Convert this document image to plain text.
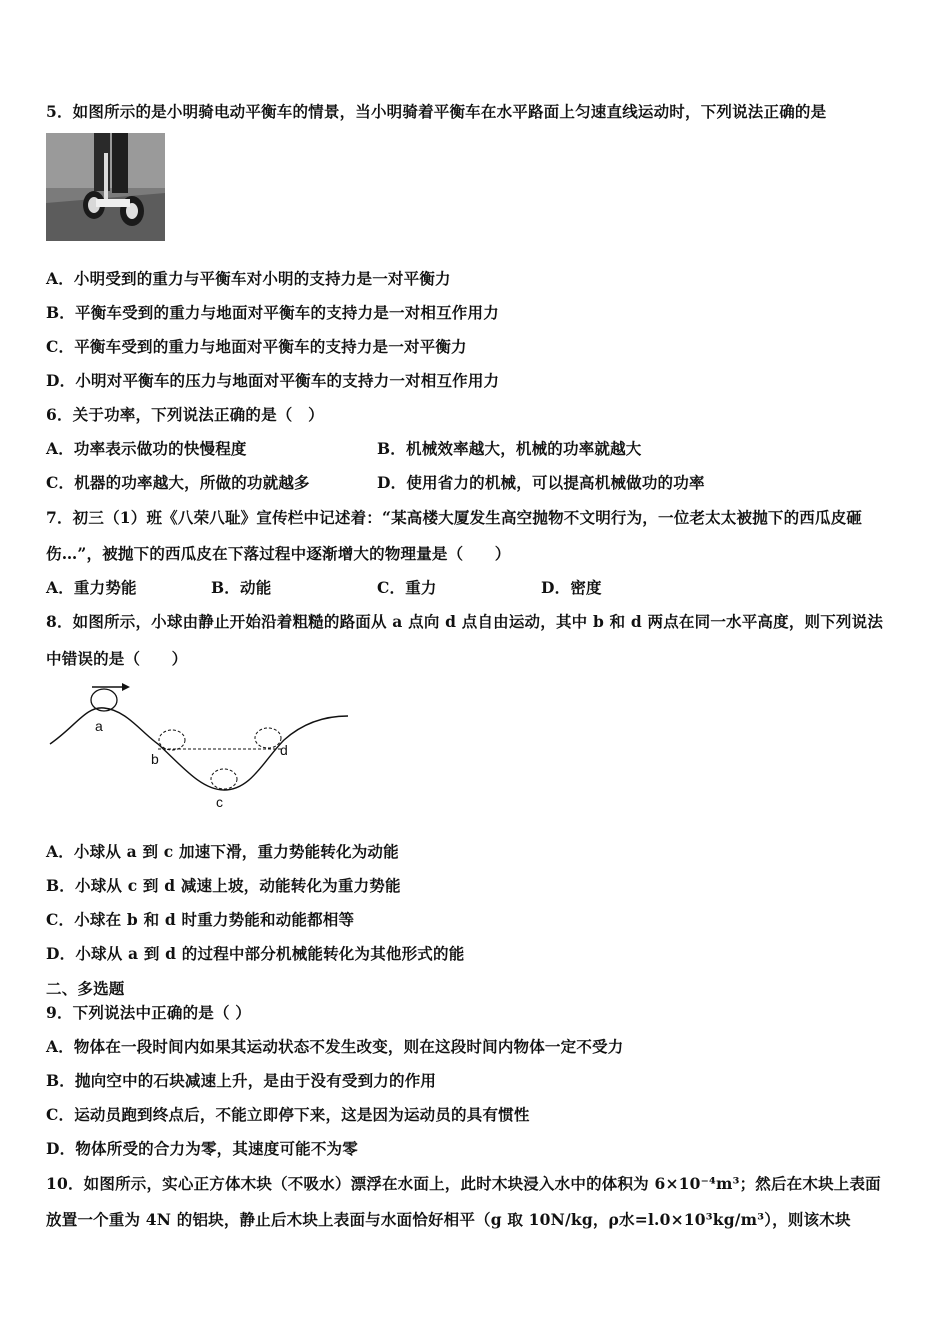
5．如图所示的是小明骑电动平衡车的情景，当小明骑着平衡车在水平路面上匀速直线运动时，下列说法正确的是
A．小明受到的重力与平衡车对小明的支持力是一对平衡力
B．平衡车受到的重力与地面对平衡车的支持力是一对相互作用力
C．平衡车受到的重力与地面对平衡车的支持力是一对平衡力
D．小明对平衡车的压力与地面对平衡车的支持力一对相互作用力
6．关于功率，下列说法正确的是（　）
A．功率表示做功的快慢程度	B．机械效率越大，机械的功率就越大
C．机器的功率越大，所做的功就越多	D．使用省力的机械，可以提高机械做功的功率
7．初三（1）班《八荣八耻》宣传栏中记述着：“某高楼大厦发生高空抛物不文明行为，一位老太太被抛下的西瓜皮砸
伤…”，被抛下的西瓜皮在下落过程中逐渐增大的物理量是（　　）
A．重力势能	B．动能	C．重力	D．密度
8．如图所示，小球由静止开始沿着粗糙的路面从 a 点向 d 点自由运动，其中 b 和 d 两点在同一水平高度，则下列说法
中错误的是（　　）
a
b
c
d
A．小球从 a 到 c 加速下滑，重力势能转化为动能
B．小球从 c 到 d 减速上坡，动能转化为重力势能
C．小球在 b 和 d 时重力势能和动能都相等
D．小球从 a 到 d 的过程中部分机械能转化为其他形式的能
二、多选题
9．下列说法中正确的是（ ）
A．物体在一段时间内如果其运动状态不发生改变，则在这段时间内物体一定不受力
B．抛向空中的石块减速上升，是由于没有受到力的作用
C．运动员跑到终点后，不能立即停下来，这是因为运动员的具有惯性
D．物体所受的合力为零，其速度可能不为零
10．如图所示，实心正方体木块（不吸水）漂浮在水面上，此时木块浸入水中的体积为 6×10⁻⁴m³；然后在木块上表面
放置一个重为 4N 的铝块，静止后木块上表面与水面恰好相平（g 取 10N/kg，ρ水=l.0×10³kg/m³），则该木块
